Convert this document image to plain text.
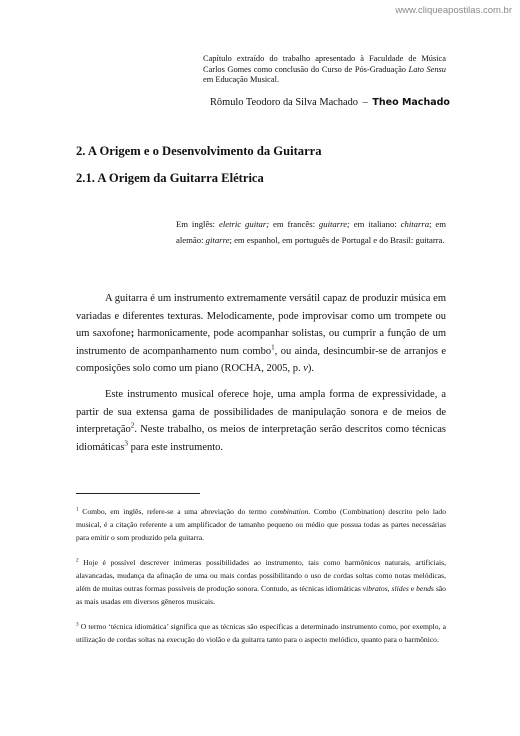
www.cliqueapostilas.com.br

Capítulo extraído do trabalho apresentado à Faculdade de Música Carlos Gomes como conclusão do Curso de Pós-Graduação Lato Sensu em Educação Musical.

Rômulo Teodoro da Silva Machado – Theo Machado

2. A Origem e o Desenvolvimento da Guitarra
2.1. A Origem da Guitarra Elétrica

Em inglês: eletric guitar; em francês: guitarre; em italiano: chitarra; em alemão: gitarre; em espanhol, em português de Portugal e do Brasil: guitarra.

A guitarra é um instrumento extremamente versátil capaz de produzir música em variadas e diferentes texturas. Melodicamente, pode improvisar como um trompete ou um saxofone; harmonicamente, pode acompanhar solistas, ou cumprir a função de um instrumento de acompanhamento num combo$^1$, ou ainda, desincumbir-se de arranjos e composições solo como um piano (ROCHA, 2005, p. v).

Este instrumento musical oferece hoje, uma ampla forma de expressividade, a partir de sua extensa gama de possibilidades de manipulação sonora e de meios de interpretação$^2$. Neste trabalho, os meios de interpretação serão descritos como técnicas idiomáticas$^3$ para este instrumento.

$^1$ Combo, em inglês, refere-se a uma abreviação do termo combination. Combo (Combination) descrito pelo lado musical, é a citação referente a um amplificador de tamanho pequeno ou médio que possua todas as partes necessárias para emitir o som produzido pela guitarra.

$^2$ Hoje é possível descrever inúmeras possibilidades ao instrumento, tais como harmônicos naturais, artificiais, alavancadas, mudança da afinação de uma ou mais cordas possibilitando o uso de cordas soltas como notas melódicas, além de muitas outras formas possíveis de produção sonora. Contudo, as técnicas idiomáticas vibratos, slides e bends são as mais usadas em diversos gêneros musicais.

$^3$ O termo ‘técnica idiomática’ significa que as técnicas são específicas a determinado instrumento como, por exemplo, a utilização de cordas soltas na execução do violão e da guitarra tanto para o aspecto melódico, quanto para o harmônico.
